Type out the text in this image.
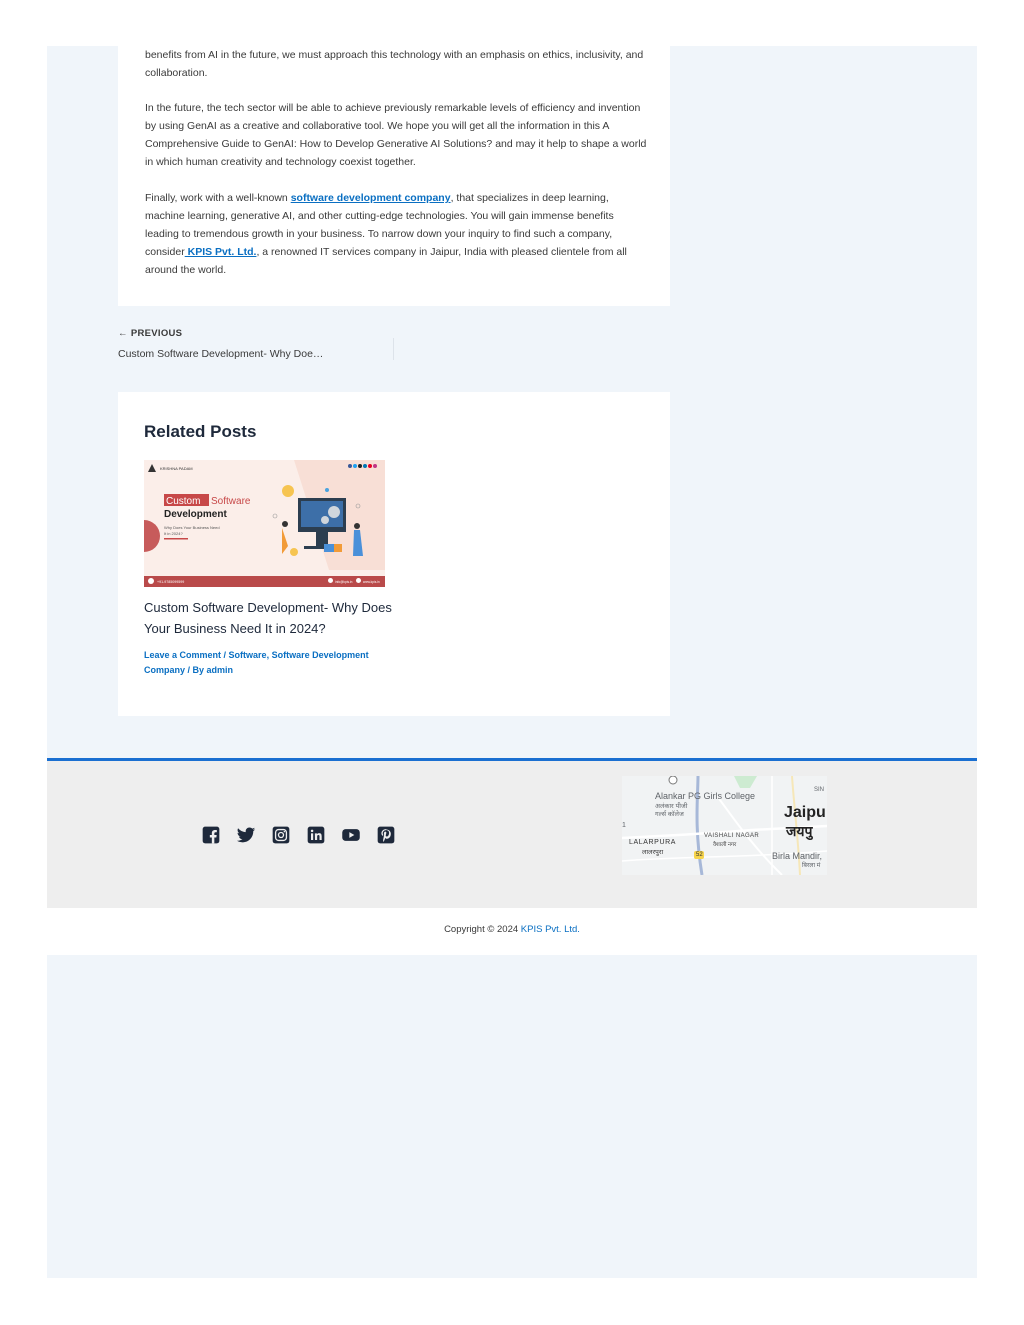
benefits from AI in the future, we must approach this technology with an emphasis on ethics, inclusivity, and collaboration.

In the future, the tech sector will be able to achieve previously remarkable levels of efficiency and invention by using GenAI as a creative and collaborative tool. We hope you will get all the information in this A Comprehensive Guide to GenAI: How to Develop Generative AI Solutions? and may it help to shape a world in which human creativity and technology coexist together.

Finally, work with a well-known software development company, that specializes in deep learning, machine learning, generative AI, and other cutting-edge technologies. You will gain immense benefits leading to tremendous growth in your business. To narrow down your inquiry to find such a company, consider KPIS Pvt. Ltd., a renowned IT services company in Jaipur, India with pleased clientele from all around the world.

← PREVIOUS
Custom Software Development- Why Doe…
Related Posts
KRISHNA PADAM
Custom Software
Development
Why Does Your Business Need
It in 2024?
+91-9785099599	info@kpis.in	www.kpis.in
Custom Software Development- Why Does Your Business Need It in 2024?
Leave a Comment / Software, Software Development Company / By admin
Alankar PG Girls College
अलंकार पीजी
गर्ल्स कॉलेज
SIN
Jaipu
जयपु
1
VAISHALI NAGAR
वैशाली नगर
LALARPURA
लालरपुरा	Birla Mandir,
बिरला मं
52
Copyright © 2024 KPIS Pvt. Ltd.
